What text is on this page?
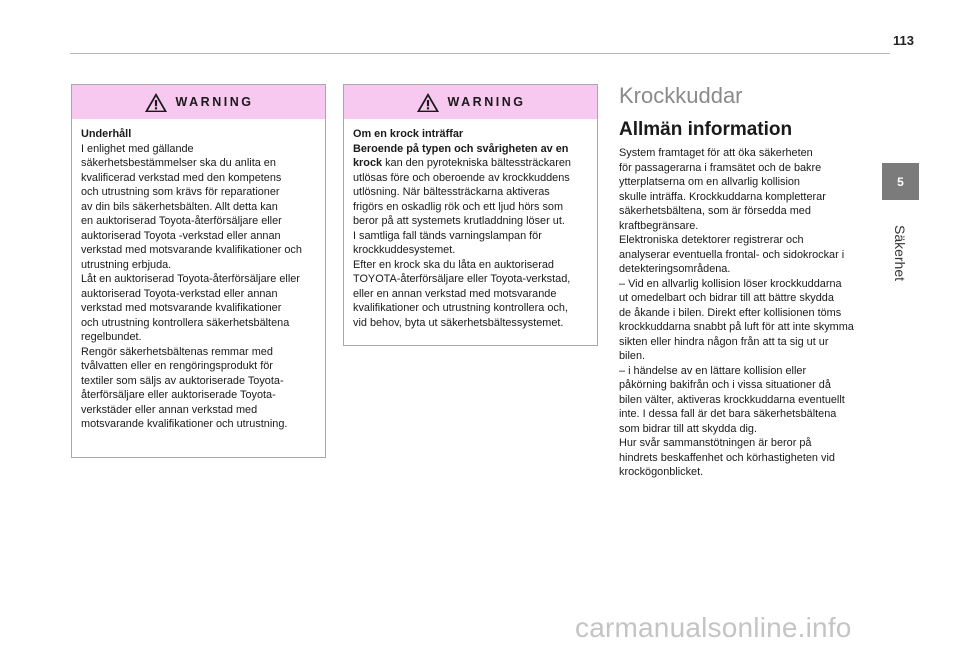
113
5
Säkerhet
WARNING

Underhåll

I enlighet med gällande

säkerhetsbestämmelser ska du anlita en

kvalificerad verkstad med den kompetens

och utrustning som krävs för reparationer

av din bils säkerhetsbälten. Allt detta kan

en auktoriserad Toyota-återförsäljare eller

auktoriserad Toyota -verkstad eller annan

verkstad med motsvarande kvalifikationer och

utrustning erbjuda.

Låt en auktoriserad Toyota-återförsäljare eller

auktoriserad Toyota-verkstad eller annan

verkstad med motsvarande kvalifikationer

och utrustning kontrollera säkerhetsbältena

regelbundet.

Rengör säkerhetsbältenas remmar med

tvålvatten eller en rengöringsprodukt för

textiler som säljs av auktoriserade Toyota-

återförsäljare eller auktoriserade Toyota-

verkstäder eller annan verkstad med

motsvarande kvalifikationer och utrustning.

WARNING

Om en krock inträffar

Beroende på typen och svårigheten av en

krock kan den pyrotekniska bältessträckaren

utlösas före och oberoende av krockkuddens

utlösning. När bältessträckarna aktiveras

frigörs en oskadlig rök och ett ljud hörs som

beror på att systemets krutladdning löser ut.

I samtliga fall tänds varningslampan för

krockkuddesystemet.

Efter en krock ska du låta en auktoriserad

TOYOTA-återförsäljare eller Toyota-verkstad,

eller en annan verkstad med motsvarande

kvalifikationer och utrustning kontrollera och,

vid behov, byta ut säkerhetsbältessystemet.

Krockkuddar
Allmän information

System framtaget för att öka säkerheten

för passagerarna i framsätet och de bakre

ytterplatserna om en allvarlig kollision

skulle inträffa. Krockkuddarna kompletterar

säkerhetsbältena, som är försedda med

kraftbegränsare.

Elektroniska detektorer registrerar och

analyserar eventuella frontal- och sidokrockar i

detekteringsområdena.

– Vid en allvarlig kollision löser krockkuddarna

ut omedelbart och bidrar till att bättre skydda

de åkande i bilen. Direkt efter kollisionen töms

krockkuddarna snabbt på luft för att inte skymma

sikten eller hindra någon från att ta sig ut ur

bilen.

– i händelse av en lättare kollision eller

påkörning bakifrån och i vissa situationer då

bilen välter, aktiveras krockkuddarna eventuellt

inte. I dessa fall är det bara säkerhetsbältena

som bidrar till att skydda dig.

Hur svår sammanstötningen är beror på

hindrets beskaffenhet och körhastigheten vid

krockögonblicket.

carmanualsonline.info
